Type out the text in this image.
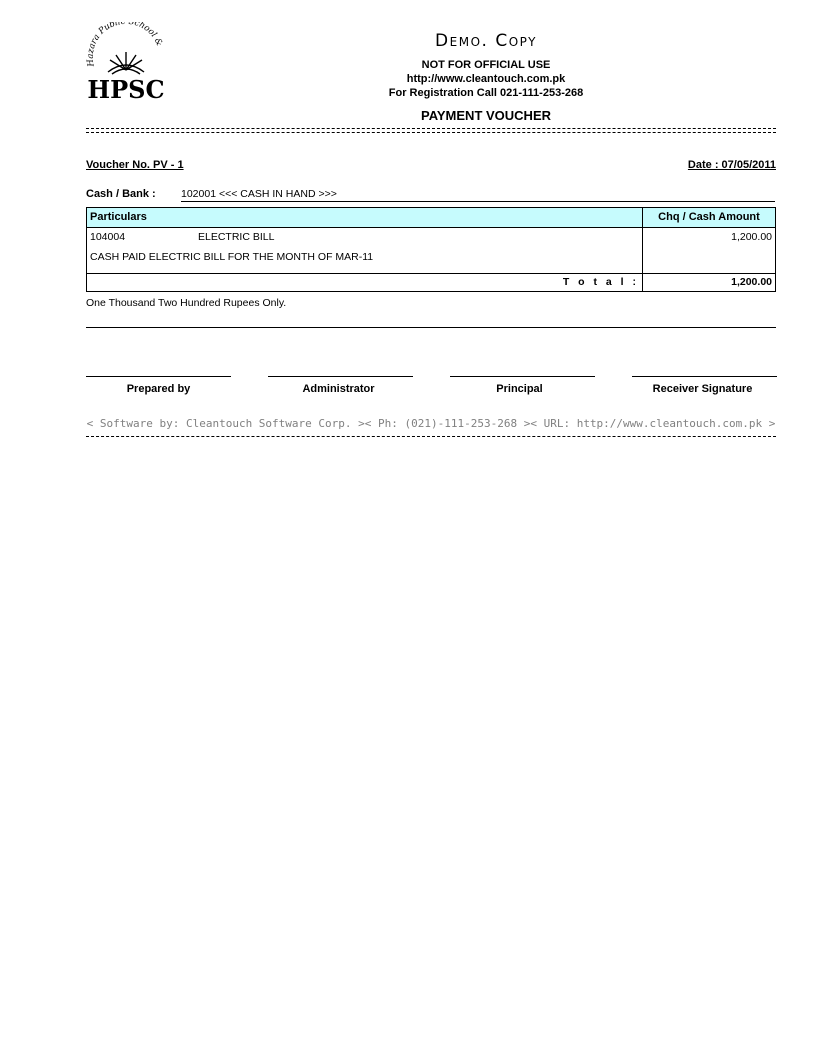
Hazara Publi School &
HPSC
Demo. Copy
NOT FOR OFFICIAL USE
http://www.cleantouch.com.pk
For Registration Call 021-111-253-268
PAYMENT VOUCHER
Voucher No. PV - 1	Date : 07/05/2011
Cash / Bank : 102001 <<< CASH IN HAND >>>
Particulars	Chq / Cash Amount

104004 ELECTRIC BILL
CASH PAID ELECTRIC BILL FOR THE MONTH OF MAR-11	1,200.00

T o t a l :	1,200.00
One Thousand Two Hundred Rupees Only.
Prepared by	Administrator	Principal	Receiver Signature
< Software by: Cleantouch Software Corp. >< Ph: (021)-111-253-268 >< URL: http://www.cleantouch.com.pk >
